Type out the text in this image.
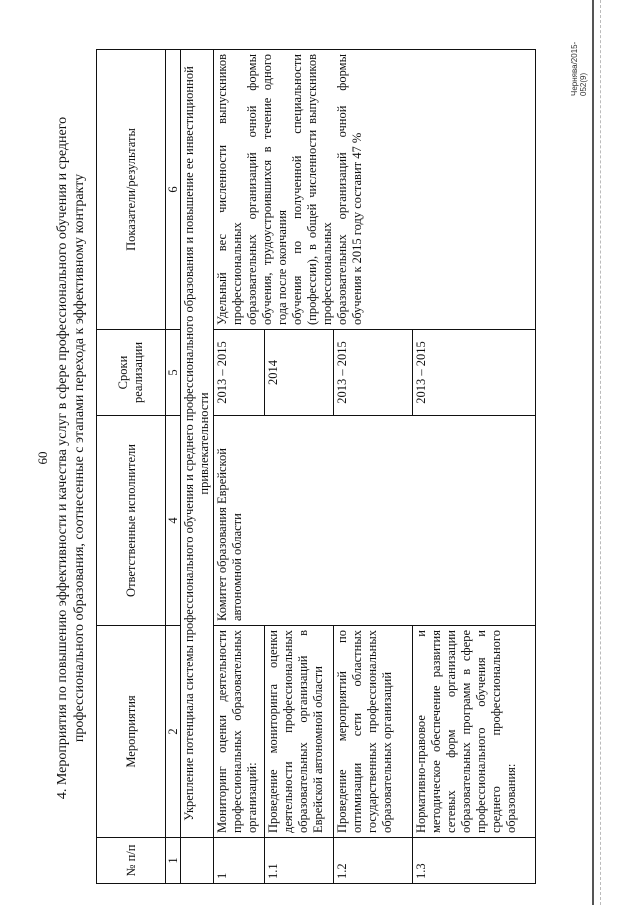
60 4. Мероприятия по повышению эффективности и качества услуг в сфере профессионального обучения и среднего профессионального образования, соотнесенные с этапами перехода к эффективному контракту
№ п/п	Мероприятия	Ответственные исполнители	Сроки реализации	Показатели/результаты
1	2	4	5	6
	Укрепление потенциала системы профессионального обучения и среднего профессионального образования и повышение ее инвестиционной привлекательности			
1	Мониторинг оценки деятельности профессиональных образовательных организаций:	Комитет образования Еврейской автономной области	2013 – 2015	Удельный вес численности выпускников профессиональных образовательных организаций очной формы обучения, трудоустроившихся в течение одного года после окончания обучения по полученной специальности (профессии), в общей численности выпускников профессиональных образовательных организаций очной формы обучения к 2015 году составит 47 %

1.1	Проведение мониторинга оценки деятельности профессиональных образовательных организаций в Еврейской автономной области		2014	
1.2	Проведение мероприятий по оптимизации сети областных государственных профессиональных образовательных организаций		2013 – 2015	
1.3	Нормативно-правовое и методическое обеспечение развития сетевых форм организации образовательных программ в сфере профессионального обучения и среднего профессионального образования:		2013 – 2015	
Чернява/2015-052(9)
